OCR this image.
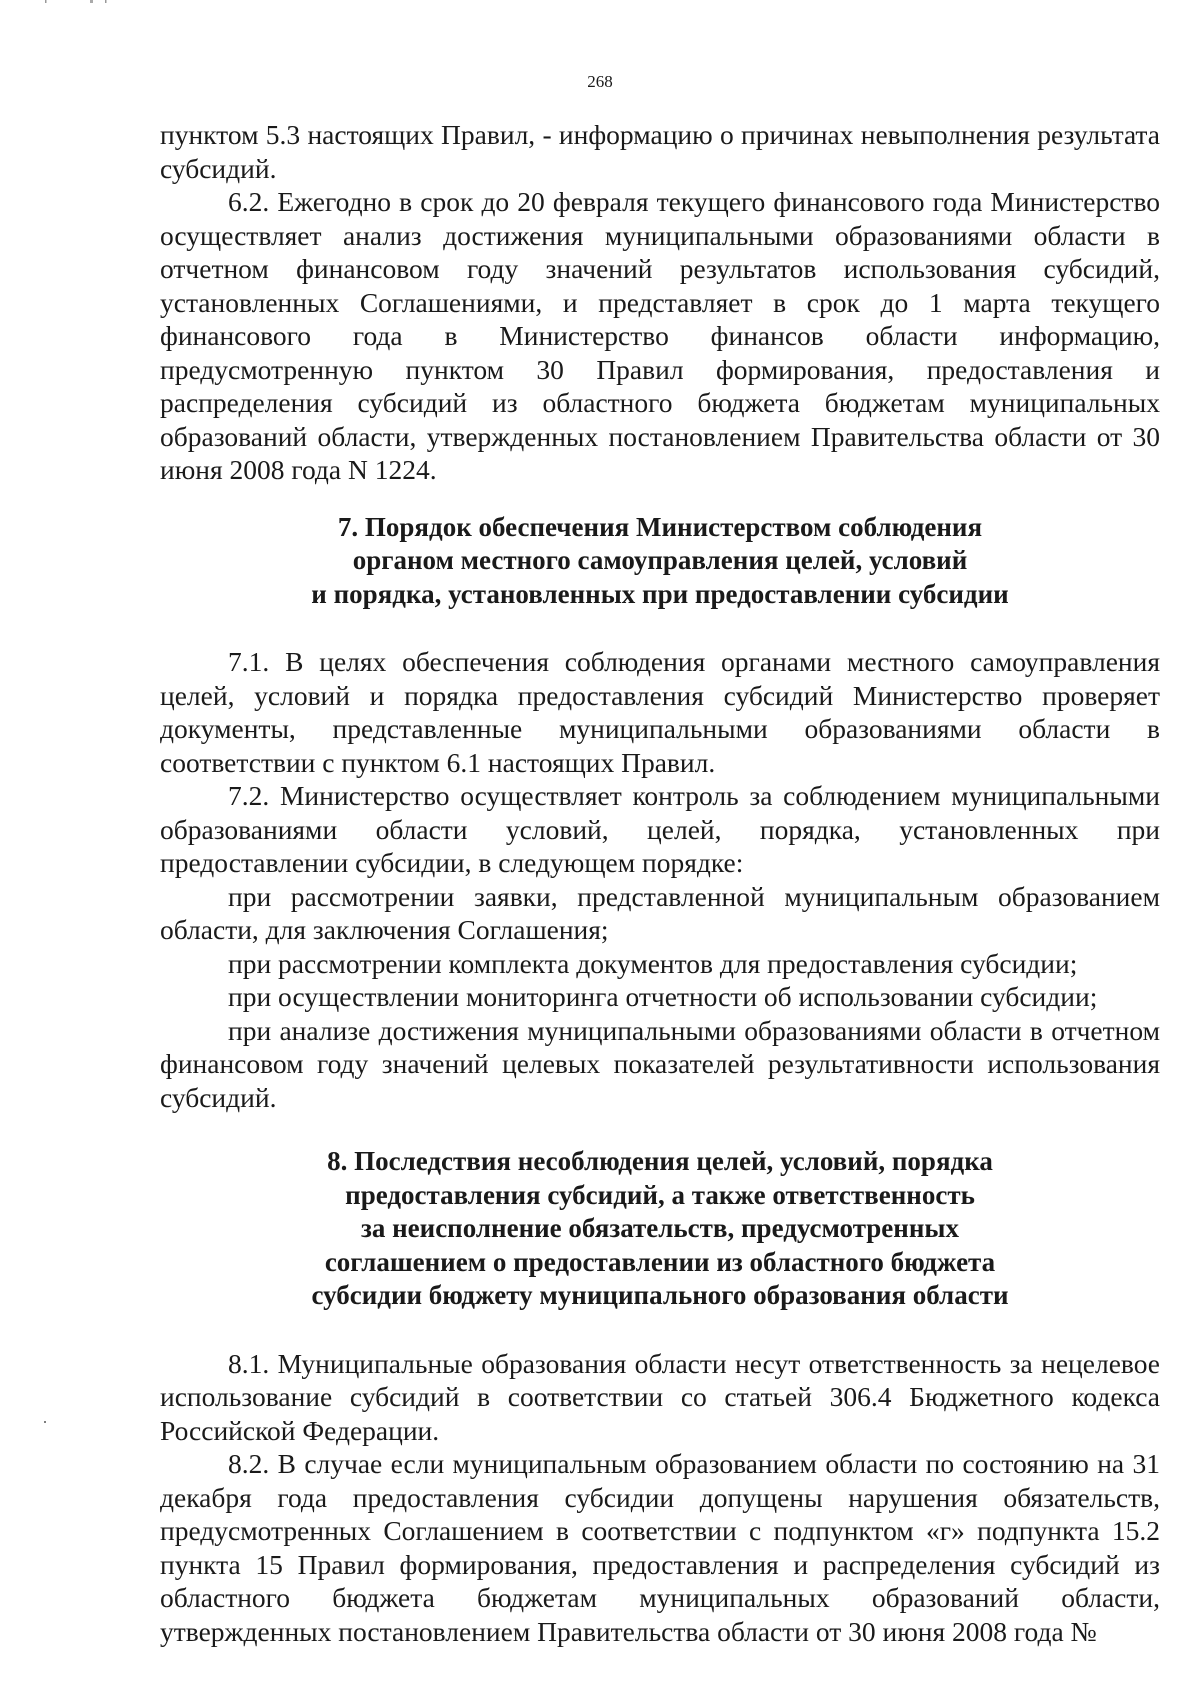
268

пунктом 5.3 настоящих Правил, - информацию о причинах невыполнения результата субсидий.

6.2. Ежегодно в срок до 20 февраля текущего финансового года Министерство осуществляет анализ достижения муниципальными образованиями области в отчетном финансовом году значений результатов использования субсидий, установленных Соглашениями, и представляет в срок до 1 марта текущего финансового года в Министерство финансов области информацию, предусмотренную пунктом 30 Правил формирования, предоставления и распределения субсидий из областного бюджета бюджетам муниципальных образований области, утвержденных постановлением Правительства области от 30 июня 2008 года N 1224.

7. Порядок обеспечения Министерством соблюдения
органом местного самоуправления целей, условий
и порядка, установленных при предоставлении субсидии

7.1. В целях обеспечения соблюдения органами местного самоуправления целей, условий и порядка предоставления субсидий Министерство проверяет документы, представленные муниципальными образованиями области в соответствии с пунктом 6.1 настоящих Правил.

7.2. Министерство осуществляет контроль за соблюдением муниципальными образованиями области условий, целей, порядка, установленных при предоставлении субсидии, в следующем порядке:

при рассмотрении заявки, представленной муниципальным образованием области, для заключения Соглашения;

при рассмотрении комплекта документов для предоставления субсидии;

при осуществлении мониторинга отчетности об использовании субсидии;

при анализе достижения муниципальными образованиями области в отчетном финансовом году значений целевых показателей результативности использования субсидий.

8. Последствия несоблюдения целей, условий, порядка
предоставления субсидий, а также ответственность
за неисполнение обязательств, предусмотренных
соглашением о предоставлении из областного бюджета
субсидии бюджету муниципального образования области

8.1. Муниципальные образования области несут ответственность за нецелевое использование субсидий в соответствии со статьей 306.4 Бюджетного кодекса Российской Федерации.

8.2. В случае если муниципальным образованием области по состоянию на 31 декабря года предоставления субсидии допущены нарушения обязательств, предусмотренных Соглашением в соответствии с подпунктом «г» подпункта 15.2 пункта 15 Правил формирования, предоставления и распределения субсидий из областного бюджета бюджетам муниципальных образований области, утвержденных постановлением Правительства области от 30 июня 2008 года №
